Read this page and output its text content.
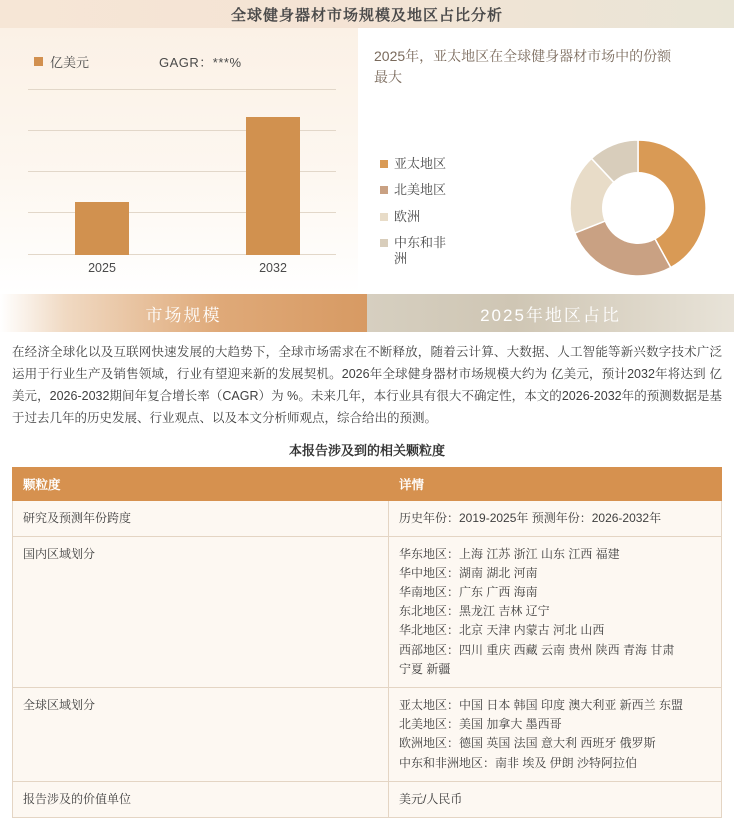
全球健身器材市场规模及地区占比分析
亿美元	GAGR：***%
2025	2032
2025年，亚太地区在全球健身器材市场中的份额最大
亚太地区
北美地区
欧洲
中东和非洲
市场规模	2025年地区占比
在经济全球化以及互联网快速发展的大趋势下，全球市场需求在不断释放，随着云计算、大数据、人工智能等新兴数字技术广泛运用于行业生产及销售领域，行业有望迎来新的发展契机。2026年全球健身器材市场规模大约为 亿美元，预计2032年将达到 亿美元，2026-2032期间年复合增长率（CAGR）为 %。未来几年，本行业具有很大不确定性，本文的2026-2032年的预测数据是基于过去几年的历史发展、行业观点、以及本文分析师观点，综合给出的预测。
本报告涉及到的相关颗粒度
颗粒度	详情
研究及预测年份跨度	历史年份：2019-2025年 预测年份：2026-2032年

国内区域划分	华东地区：上海 江苏 浙江 山东 江西 福建
华中地区：湖南 湖北 河南
华南地区：广东 广西 海南
东北地区：黑龙江 吉林 辽宁
华北地区：北京 天津 内蒙古 河北 山西
西部地区：四川 重庆 西藏 云南 贵州 陕西 青海 甘肃
宁夏 新疆

全球区域划分	亚太地区：中国 日本 韩国 印度 澳大利亚 新西兰 东盟
北美地区：美国 加拿大 墨西哥
欧洲地区：德国 英国 法国 意大利 西班牙 俄罗斯
中东和非洲地区：南非 埃及 伊朗 沙特阿拉伯

报告涉及的价值单位	美元/人民币
